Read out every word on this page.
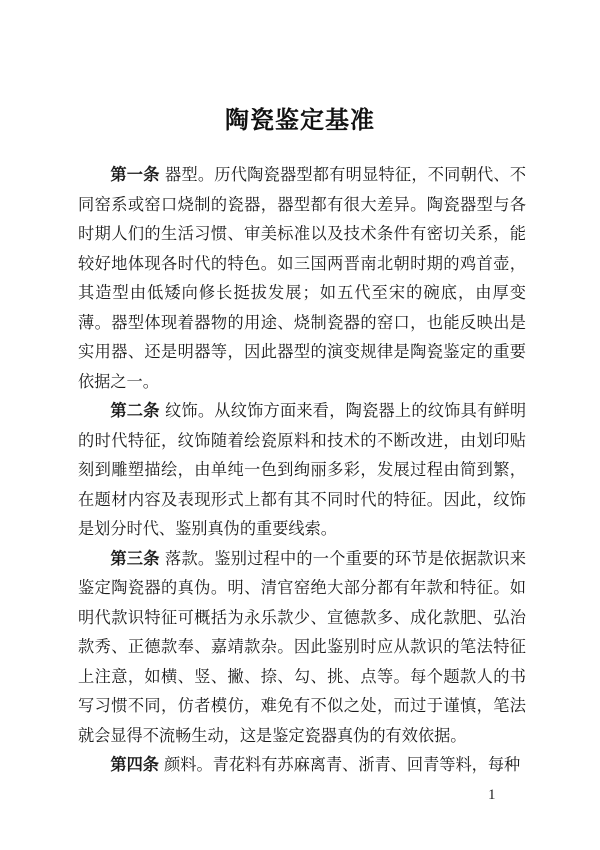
陶瓷鉴定基准

第一条 器型。历代陶瓷器型都有明显特征，不同朝代、不同窑系或窑口烧制的瓷器，器型都有很大差异。陶瓷器型与各时期人们的生活习惯、审美标准以及技术条件有密切关系，能较好地体现各时代的特色。如三国两晋南北朝时期的鸡首壶，其造型由低矮向修长挺拔发展；如五代至宋的碗底，由厚变薄。器型体现着器物的用途、烧制瓷器的窑口，也能反映出是实用器、还是明器等，因此器型的演变规律是陶瓷鉴定的重要依据之一。

第二条 纹饰。从纹饰方面来看，陶瓷器上的纹饰具有鲜明的时代特征，纹饰随着绘瓷原料和技术的不断改进，由划印贴刻到雕塑描绘，由单纯一色到绚丽多彩，发展过程由简到繁，在题材内容及表现形式上都有其不同时代的特征。因此，纹饰是划分时代、鉴别真伪的重要线索。

第三条 落款。鉴别过程中的一个重要的环节是依据款识来鉴定陶瓷器的真伪。明、清官窑绝大部分都有年款和特征。如明代款识特征可概括为永乐款少、宣德款多、成化款肥、弘治款秀、正德款奉、嘉靖款杂。因此鉴别时应从款识的笔法特征上注意，如横、竖、撇、捺、勾、挑、点等。每个题款人的书写习惯不同，仿者模仿，难免有不似之处，而过于谨慎，笔法就会显得不流畅生动，这是鉴定瓷器真伪的有效依据。

第四条 颜料。青花料有苏麻离青、浙青、回青等料，每种

1
